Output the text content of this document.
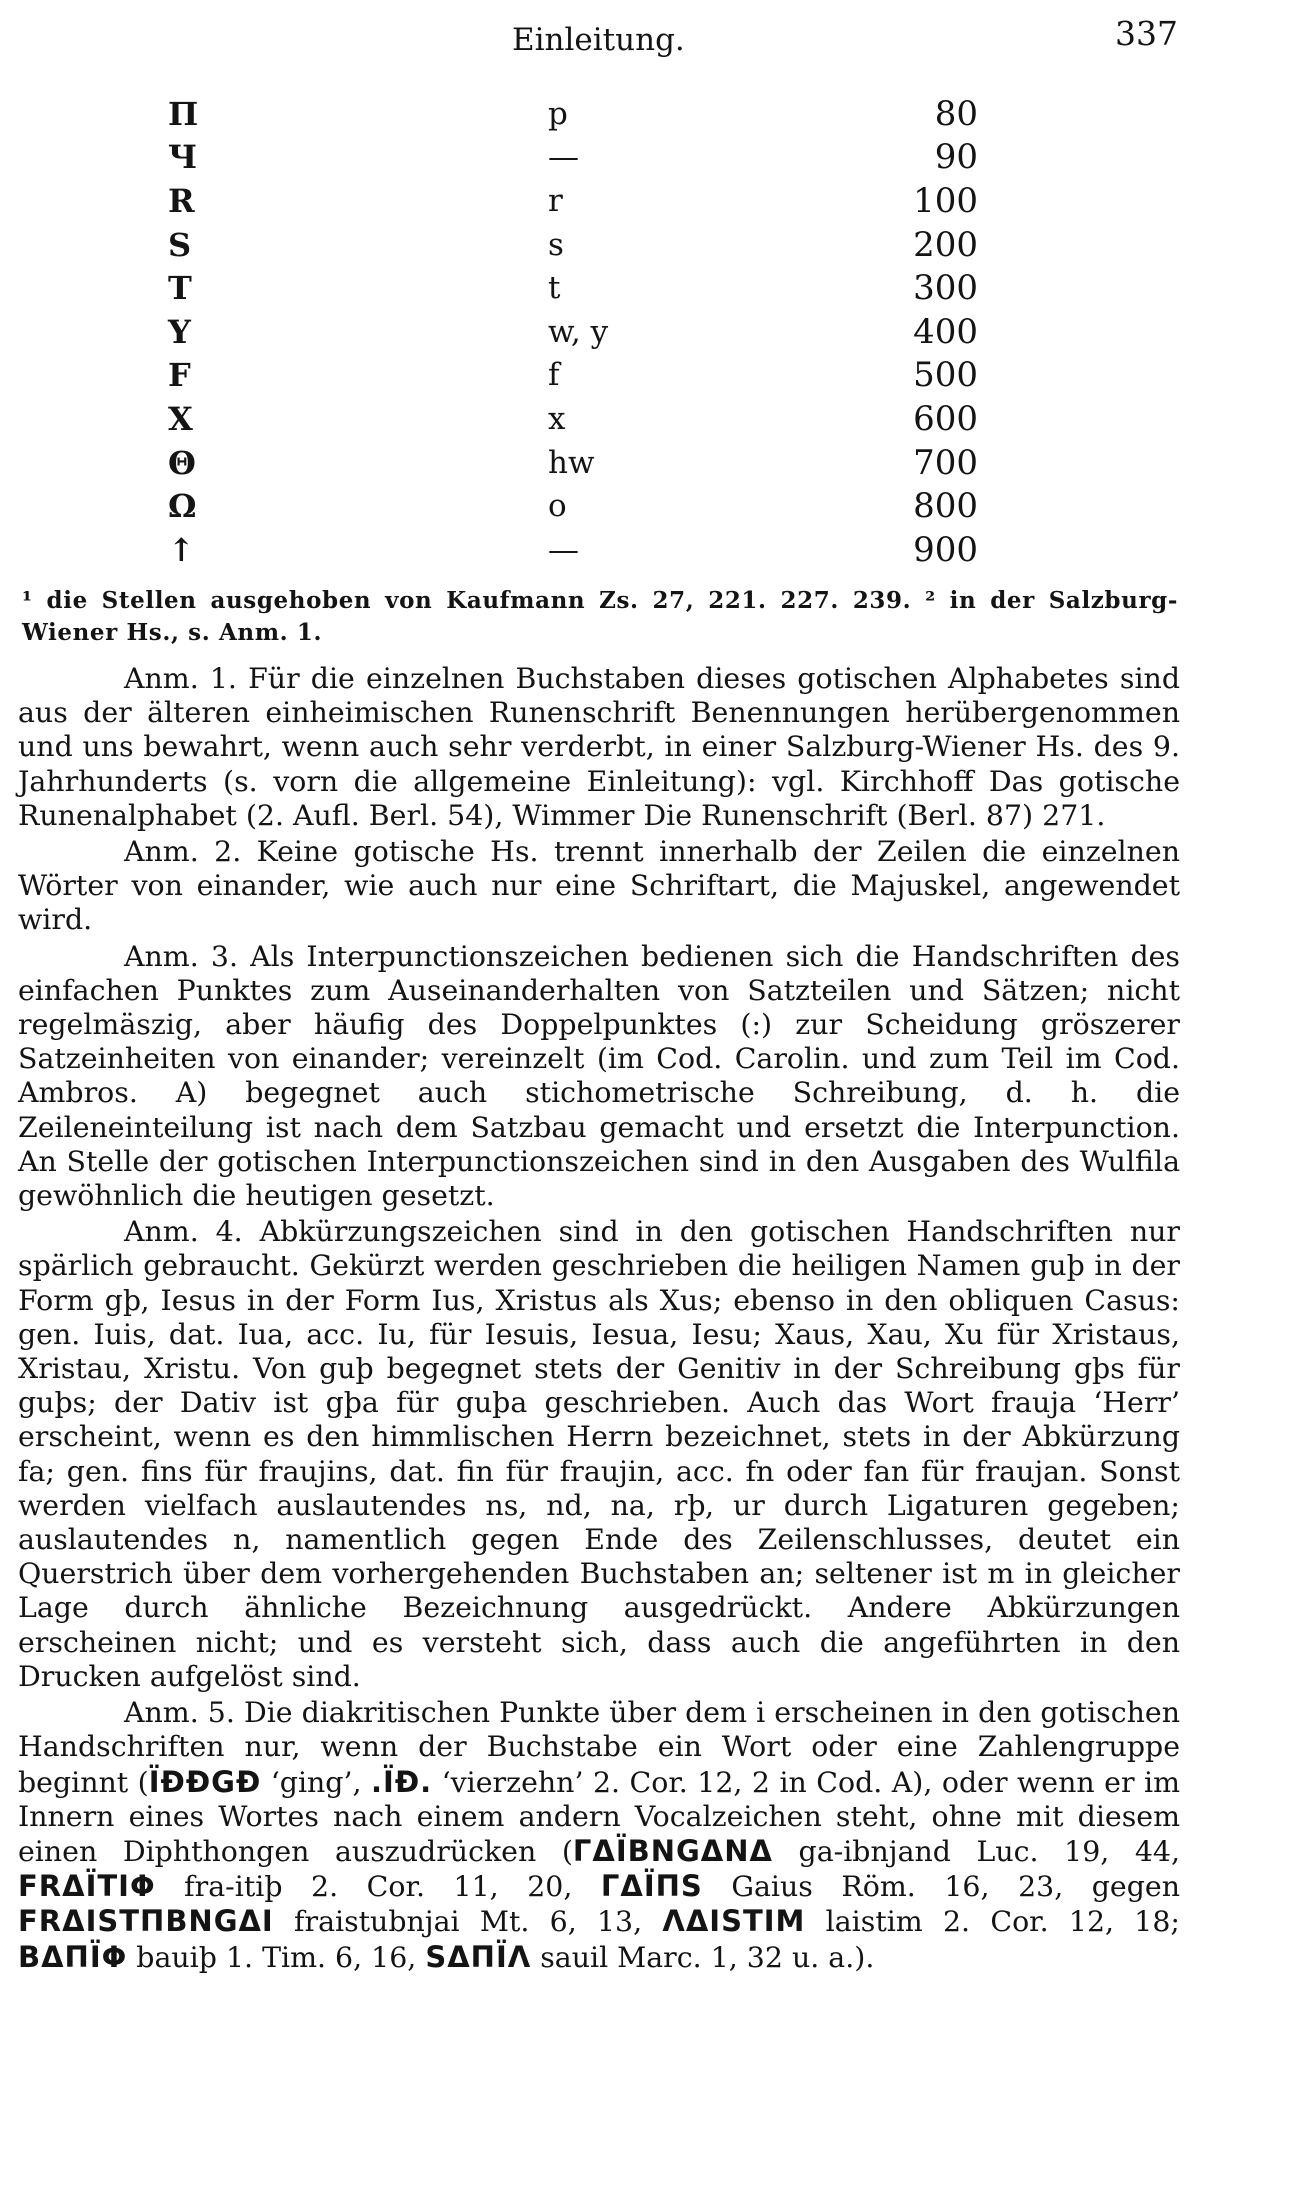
Einleitung.	337
П	p	80
Ч	—	90
R	r	100
S	s	200
T	t	300
Y	w, y	400
F	f	500
X	x	600
Θ	hw	700
Ω	o	800
↑	—	900
¹ die Stellen ausgehoben von Kaufmann Zs. 27, 221. 227. 239. ² in der Salzburg-Wiener Hs., s. Anm. 1.

Anm. 1. Für die einzelnen Buchstaben dieses gotischen Alphabetes sind aus der älteren einheimischen Runenschrift Benennungen herübergenommen und uns bewahrt, wenn auch sehr verderbt, in einer Salzburg-Wiener Hs. des 9. Jahrhunderts (s. vorn die allgemeine Einleitung): vgl. Kirchhoff Das gotische Runenalphabet (2. Aufl. Berl. 54), Wimmer Die Runenschrift (Berl. 87) 271.

Anm. 2. Keine gotische Hs. trennt innerhalb der Zeilen die einzelnen Wörter von einander, wie auch nur eine Schriftart, die Majuskel, angewendet wird.

Anm. 3. Als Interpunctionszeichen bedienen sich die Handschriften des einfachen Punktes zum Auseinanderhalten von Satzteilen und Sätzen; nicht regelmäszig, aber häufig des Doppelpunktes (:) zur Scheidung gröszerer Satzeinheiten von einander; vereinzelt (im Cod. Carolin. und zum Teil im Cod. Ambros. A) begegnet auch stichometrische Schreibung, d. h. die Zeileneinteilung ist nach dem Satzbau gemacht und ersetzt die Interpunction. An Stelle der gotischen Interpunctionszeichen sind in den Ausgaben des Wulfila gewöhnlich die heutigen gesetzt.

Anm. 4. Abkürzungszeichen sind in den gotischen Handschriften nur spärlich gebraucht. Gekürzt werden geschrieben die heiligen Namen guþ in der Form gþ, Iesus in der Form Ius, Xristus als Xus; ebenso in den obliquen Casus: gen. Iuis, dat. Iua, acc. Iu, für Iesuis, Iesua, Iesu; Xaus, Xau, Xu für Xristaus, Xristau, Xristu. Von guþ begegnet stets der Genitiv in der Schreibung gþs für guþs; der Dativ ist gþa für guþa geschrieben. Auch das Wort frauja ‘Herr’ erscheint, wenn es den himmlischen Herrn bezeichnet, stets in der Abkürzung fa; gen. fins für fraujins, dat. fin für fraujin, acc. fn oder fan für fraujan. Sonst werden vielfach auslautendes ns, nd, na, rþ, ur durch Ligaturen gegeben; auslautendes n, namentlich gegen Ende des Zeilenschlusses, deutet ein Querstrich über dem vorhergehenden Buchstaben an; seltener ist m in gleicher Lage durch ähnliche Bezeichnung ausgedrückt. Andere Abkürzungen erscheinen nicht; und es versteht sich, dass auch die angeführten in den Drucken aufgelöst sind.

Anm. 5. Die diakritischen Punkte über dem i erscheinen in den gotischen Handschriften nur, wenn der Buchstabe ein Wort oder eine Zahlengruppe beginnt (ÏÐÐGÐ ‘ging’, .ÏÐ. ‘vierzehn’ 2. Cor. 12, 2 in Cod. A), oder wenn er im Innern eines Wortes nach einem andern Vocalzeichen steht, ohne mit diesem einen Diphthongen auszudrücken (ГΔÏBNGΔNΔ ga-ibnjand Luc. 19, 44, FRΔÏTIΦ fra-itiþ 2. Cor. 11, 20, ГΔÏΠS Gaius Röm. 16, 23, gegen FRΔISTΠBNGΔI fraistubnjai Mt. 6, 13, ΛΔISTIM laistim 2. Cor. 12, 18; BΔΠÏΦ bauiþ 1. Tim. 6, 16, SΔΠÏΛ sauil Marc. 1, 32 u. a.).
